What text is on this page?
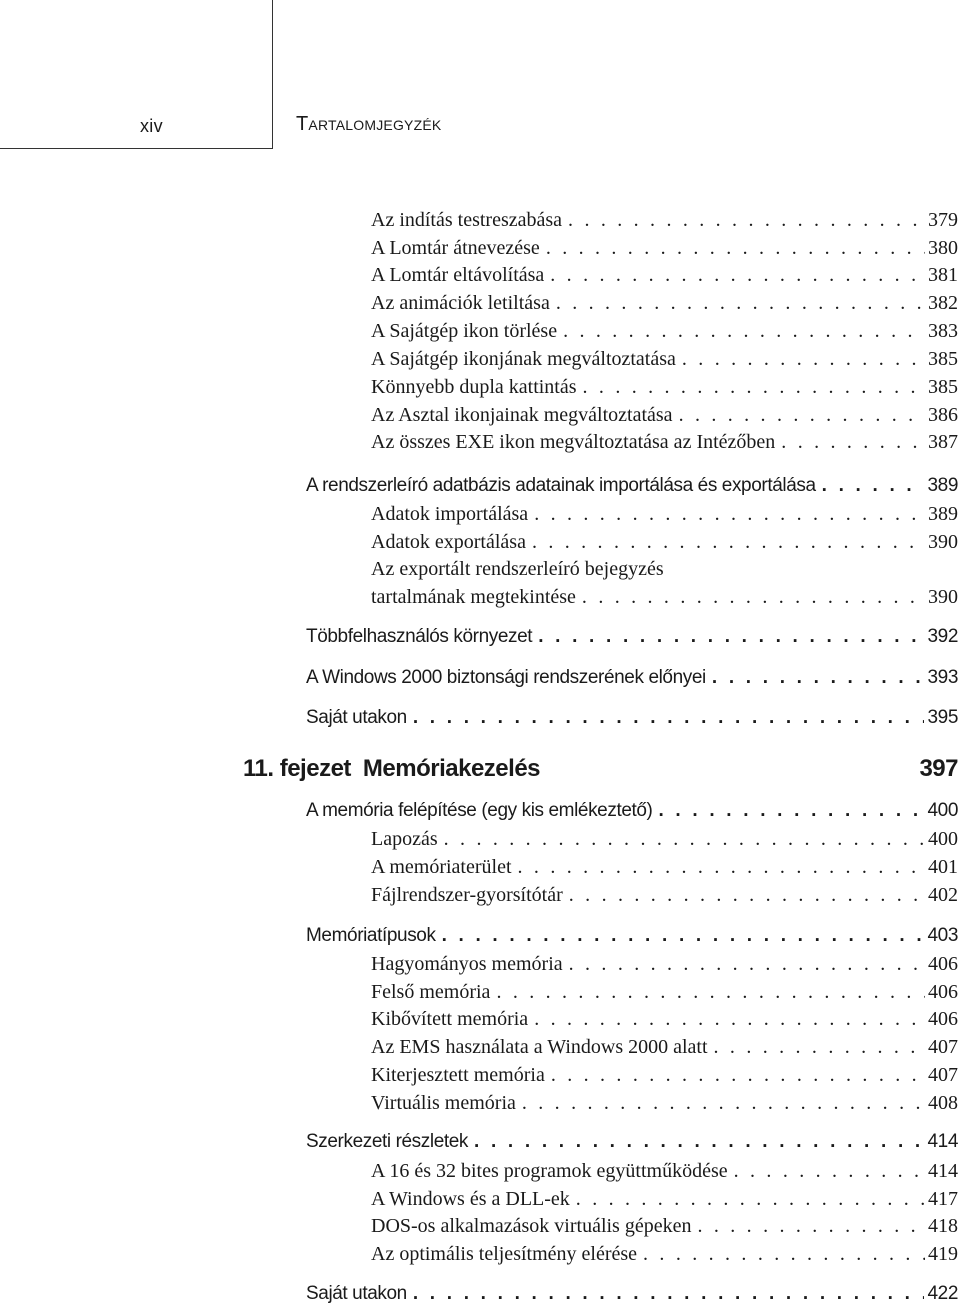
xiv	Tartalomjegyzék
Az indítás testreszabása . . .	379
A Lomtár átnevezése . . .	380
A Lomtár eltávolítása . . .	381
Az animációk letiltása . . .	382
A Sajátgép ikon törlése . . .	383
A Sajátgép ikonjának megváltoztatása . . .	385
Könnyebb dupla kattintás . . .	385
Az Asztal ikonjainak megváltoztatása . . .	386
Az összes EXE ikon megváltoztatása az Intézőben . . .	387
A rendszerleíró adatbázis adatainak importálása és exportálása . . .	389
Adatok importálása . . .	389
Adatok exportálása . . .	390
Az exportált rendszerleíró bejegyzés
tartalmának megtekintése . . .	390
Többfelhasználós környezet . . .	392
A Windows 2000 biztonsági rendszerének előnyei . . .	393
Saját utakon . . .	395
11. fejezet Memóriakezelés	397
A memória felépítése (egy kis emlékeztető) . . .	400
Lapozás . . .	400
A memóriaterület . . .	401
Fájlrendszer-gyorsítótár . . .	402
Memóriatípusok . . .	403
Hagyományos memória . . .	406
Felső memória . . .	406
Kibővített memória . . .	406
Az EMS használata a Windows 2000 alatt . . .	407
Kiterjesztett memória . . .	407
Virtuális memória . . .	408
Szerkezeti részletek . . .	414
A 16 és 32 bites programok együttműködése . . .	414
A Windows és a DLL-ek . . .	417
DOS-os alkalmazások virtuális gépeken . . .	418
Az optimális teljesítmény elérése . . .	419
Saját utakon . . .	422
